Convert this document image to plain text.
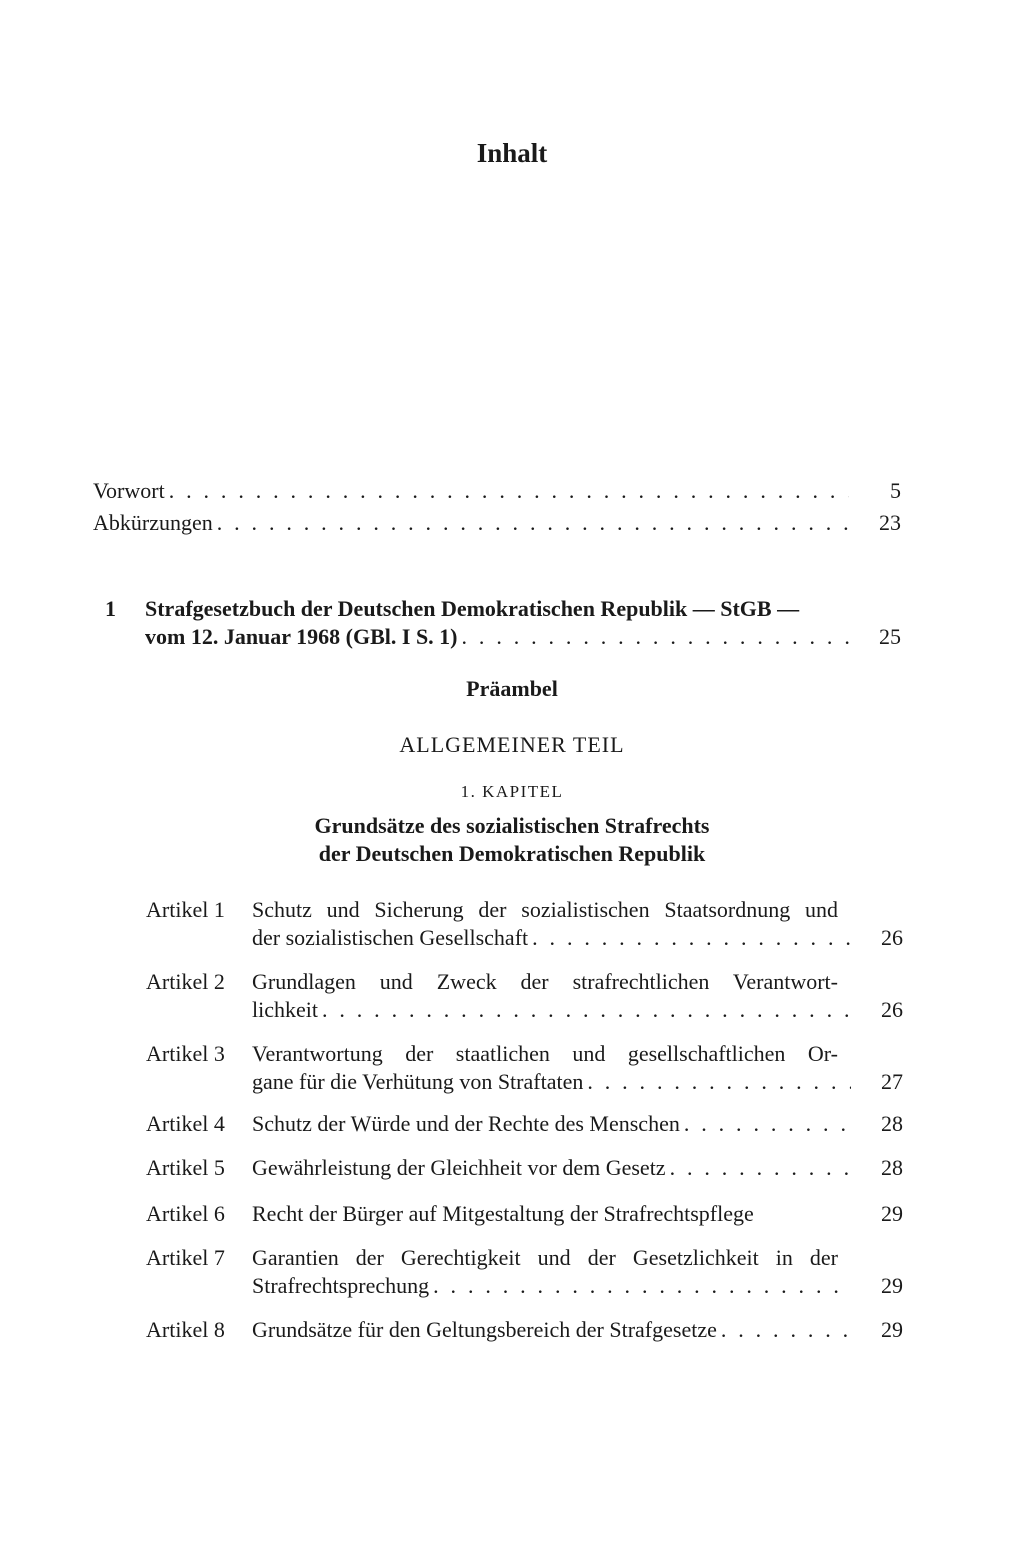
Inhalt
Vorwort . . .	5
Abkürzungen . . .	23
1 Strafgesetzbuch der Deutschen Demokratischen Republik — StGB —
vom 12. Januar 1968 (GBl. I S. 1) . . .	25
Präambel
ALLGEMEINER TEIL
1. KAPITEL
Grundsätze des sozialistischen Strafrechts
der Deutschen Demokratischen Republik
Artikel 1 Schutz und Sicherung der sozialistischen Staatsordnung und
der sozialistischen Gesellschaft . . .	26
Artikel 2 Grundlagen und Zweck der strafrechtlichen Verantwort-
lichkeit . . .	26
Artikel 3 Verantwortung der staatlichen und gesellschaftlichen Or-
gane für die Verhütung von Straftaten . . .	27
Artikel 4 Schutz der Würde und der Rechte des Menschen . . .	28
Artikel 5 Gewährleistung der Gleichheit vor dem Gesetz . . .	28
Artikel 6 Recht der Bürger auf Mitgestaltung der Strafrechtspflege	29
Artikel 7 Garantien der Gerechtigkeit und der Gesetzlichkeit in der
Strafrechtsprechung . . .	29
Artikel 8 Grundsätze für den Geltungsbereich der Strafgesetze . . .	29
